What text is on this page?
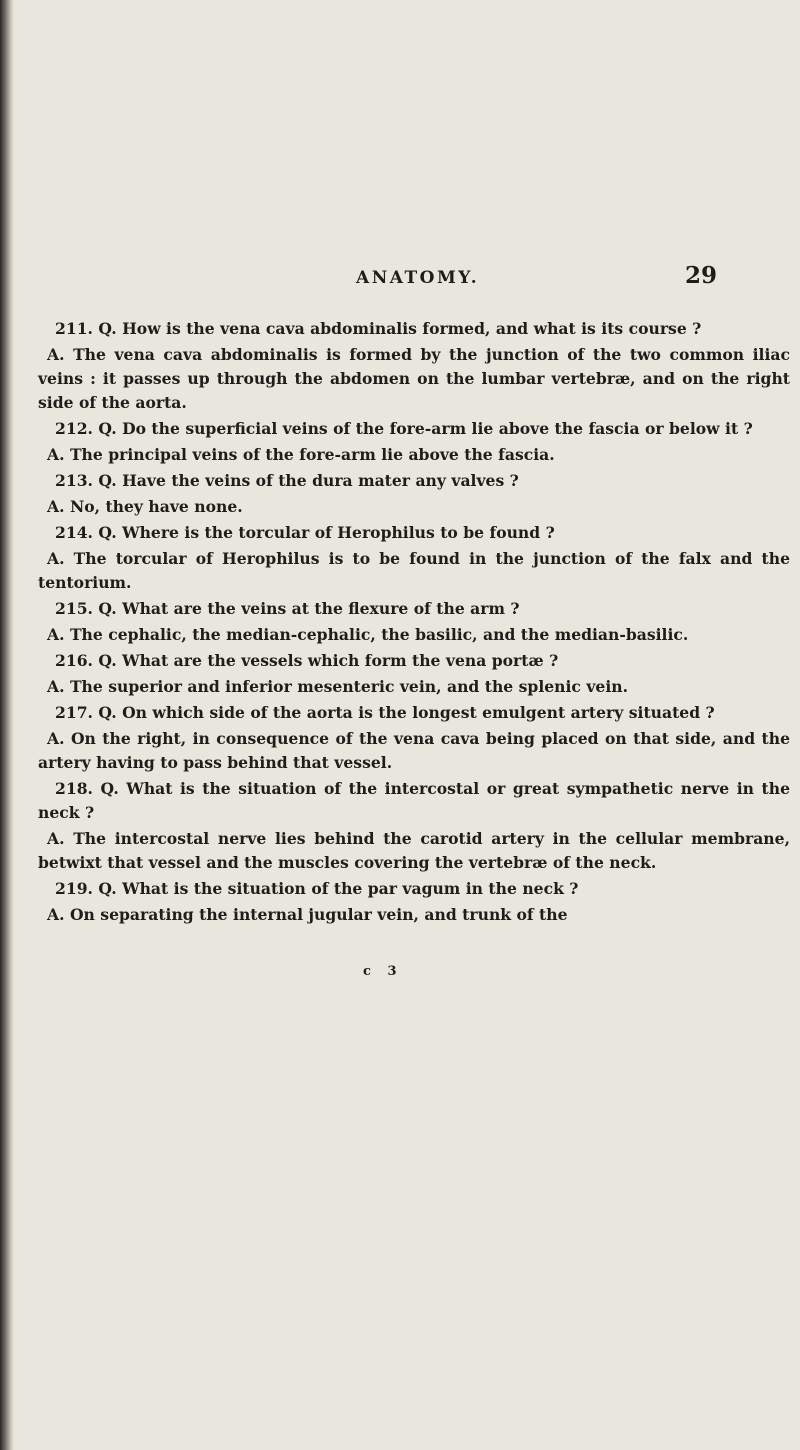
ANATOMY.	29

211. Q. How is the vena cava abdominalis formed, and what is its course ?

A. The vena cava abdominalis is formed by the junction of the two common iliac veins : it passes up through the abdomen on the lumbar vertebræ, and on the right side of the aorta.

212. Q. Do the superficial veins of the fore-arm lie above the fascia or below it ?

A. The principal veins of the fore-arm lie above the fascia.

213. Q. Have the veins of the dura mater any valves ?

A. No, they have none.

214. Q. Where is the torcular of Herophilus to be found ?

A. The torcular of Herophilus is to be found in the junction of the falx and the tentorium.

215. Q. What are the veins at the flexure of the arm ?

A. The cephalic, the median-cephalic, the basilic, and the median-basilic.

216. Q. What are the vessels which form the vena portæ ?

A. The superior and inferior mesenteric vein, and the splenic vein.

217. Q. On which side of the aorta is the longest emulgent artery situated ?

A. On the right, in consequence of the vena cava being placed on that side, and the artery having to pass behind that vessel.

218. Q. What is the situation of the intercostal or great sympathetic nerve in the neck ?

A. The intercostal nerve lies behind the carotid artery in the cellular membrane, betwixt that vessel and the muscles covering the vertebræ of the neck.

219. Q. What is the situation of the par vagum in the neck ?

A. On separating the internal jugular vein, and trunk of the

c 3
